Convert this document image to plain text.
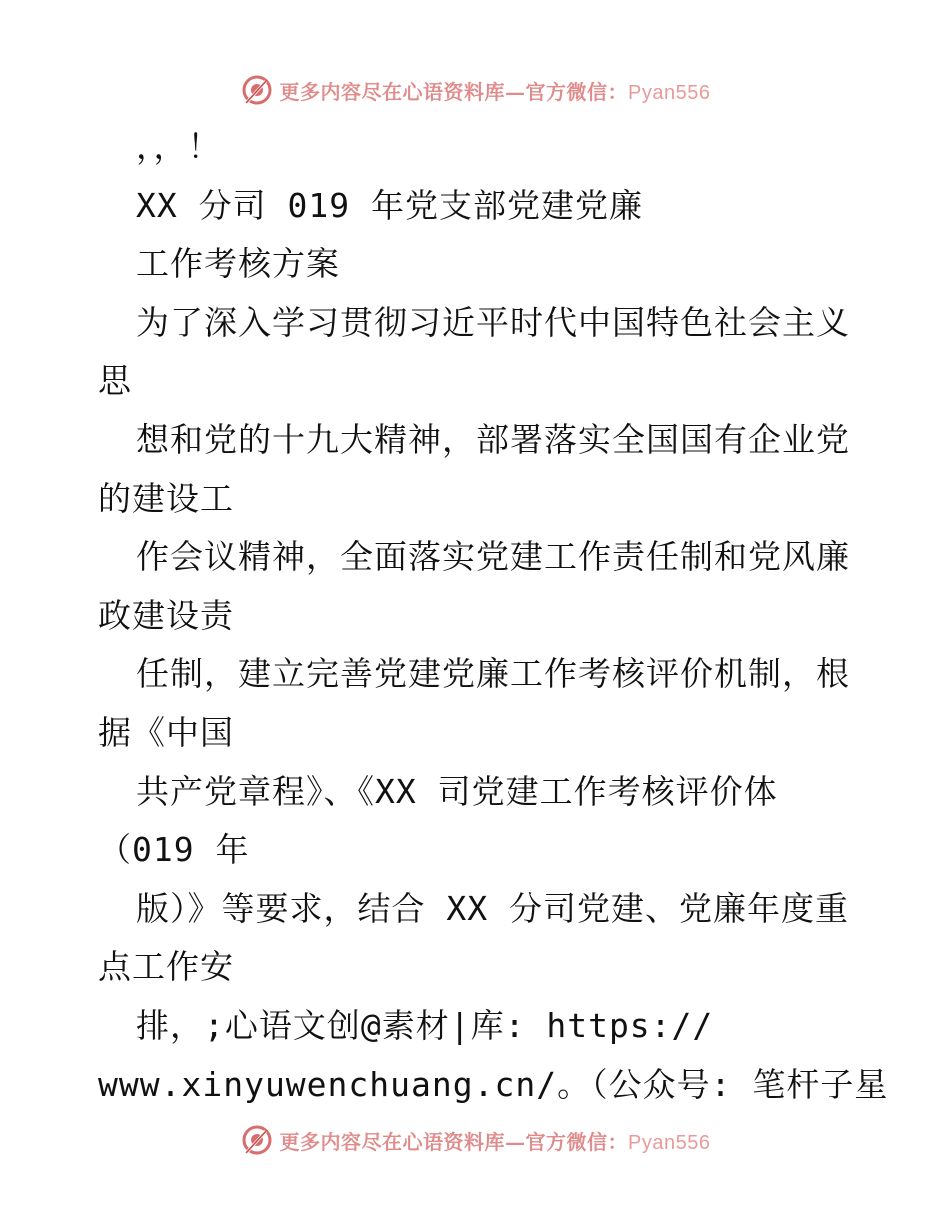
更多内容尽在心语资料库—官方微信：Pyan556
，，！
XX 分司 019 年党支部党建党廉
工作考核方案
为了深入学习贯彻习近平时代中国特色社会主义
思
想和党的十九大精神，部署落实全国国有企业党
的建设工
作会议精神，全面落实党建工作责任制和党风廉
政建设责
任制，建立完善党建党廉工作考核评价机制，根
据《中国
共产党章程》、《XX 司党建工作考核评价体
（019 年
版）》等要求，结合 XX 分司党建、党廉年度重
点工作安
排，;心语文创@素材|库: https://
www.xinyuwenchuang.cn/。（公众号: 笔杆子星
更多内容尽在心语资料库—官方微信：Pyan556
